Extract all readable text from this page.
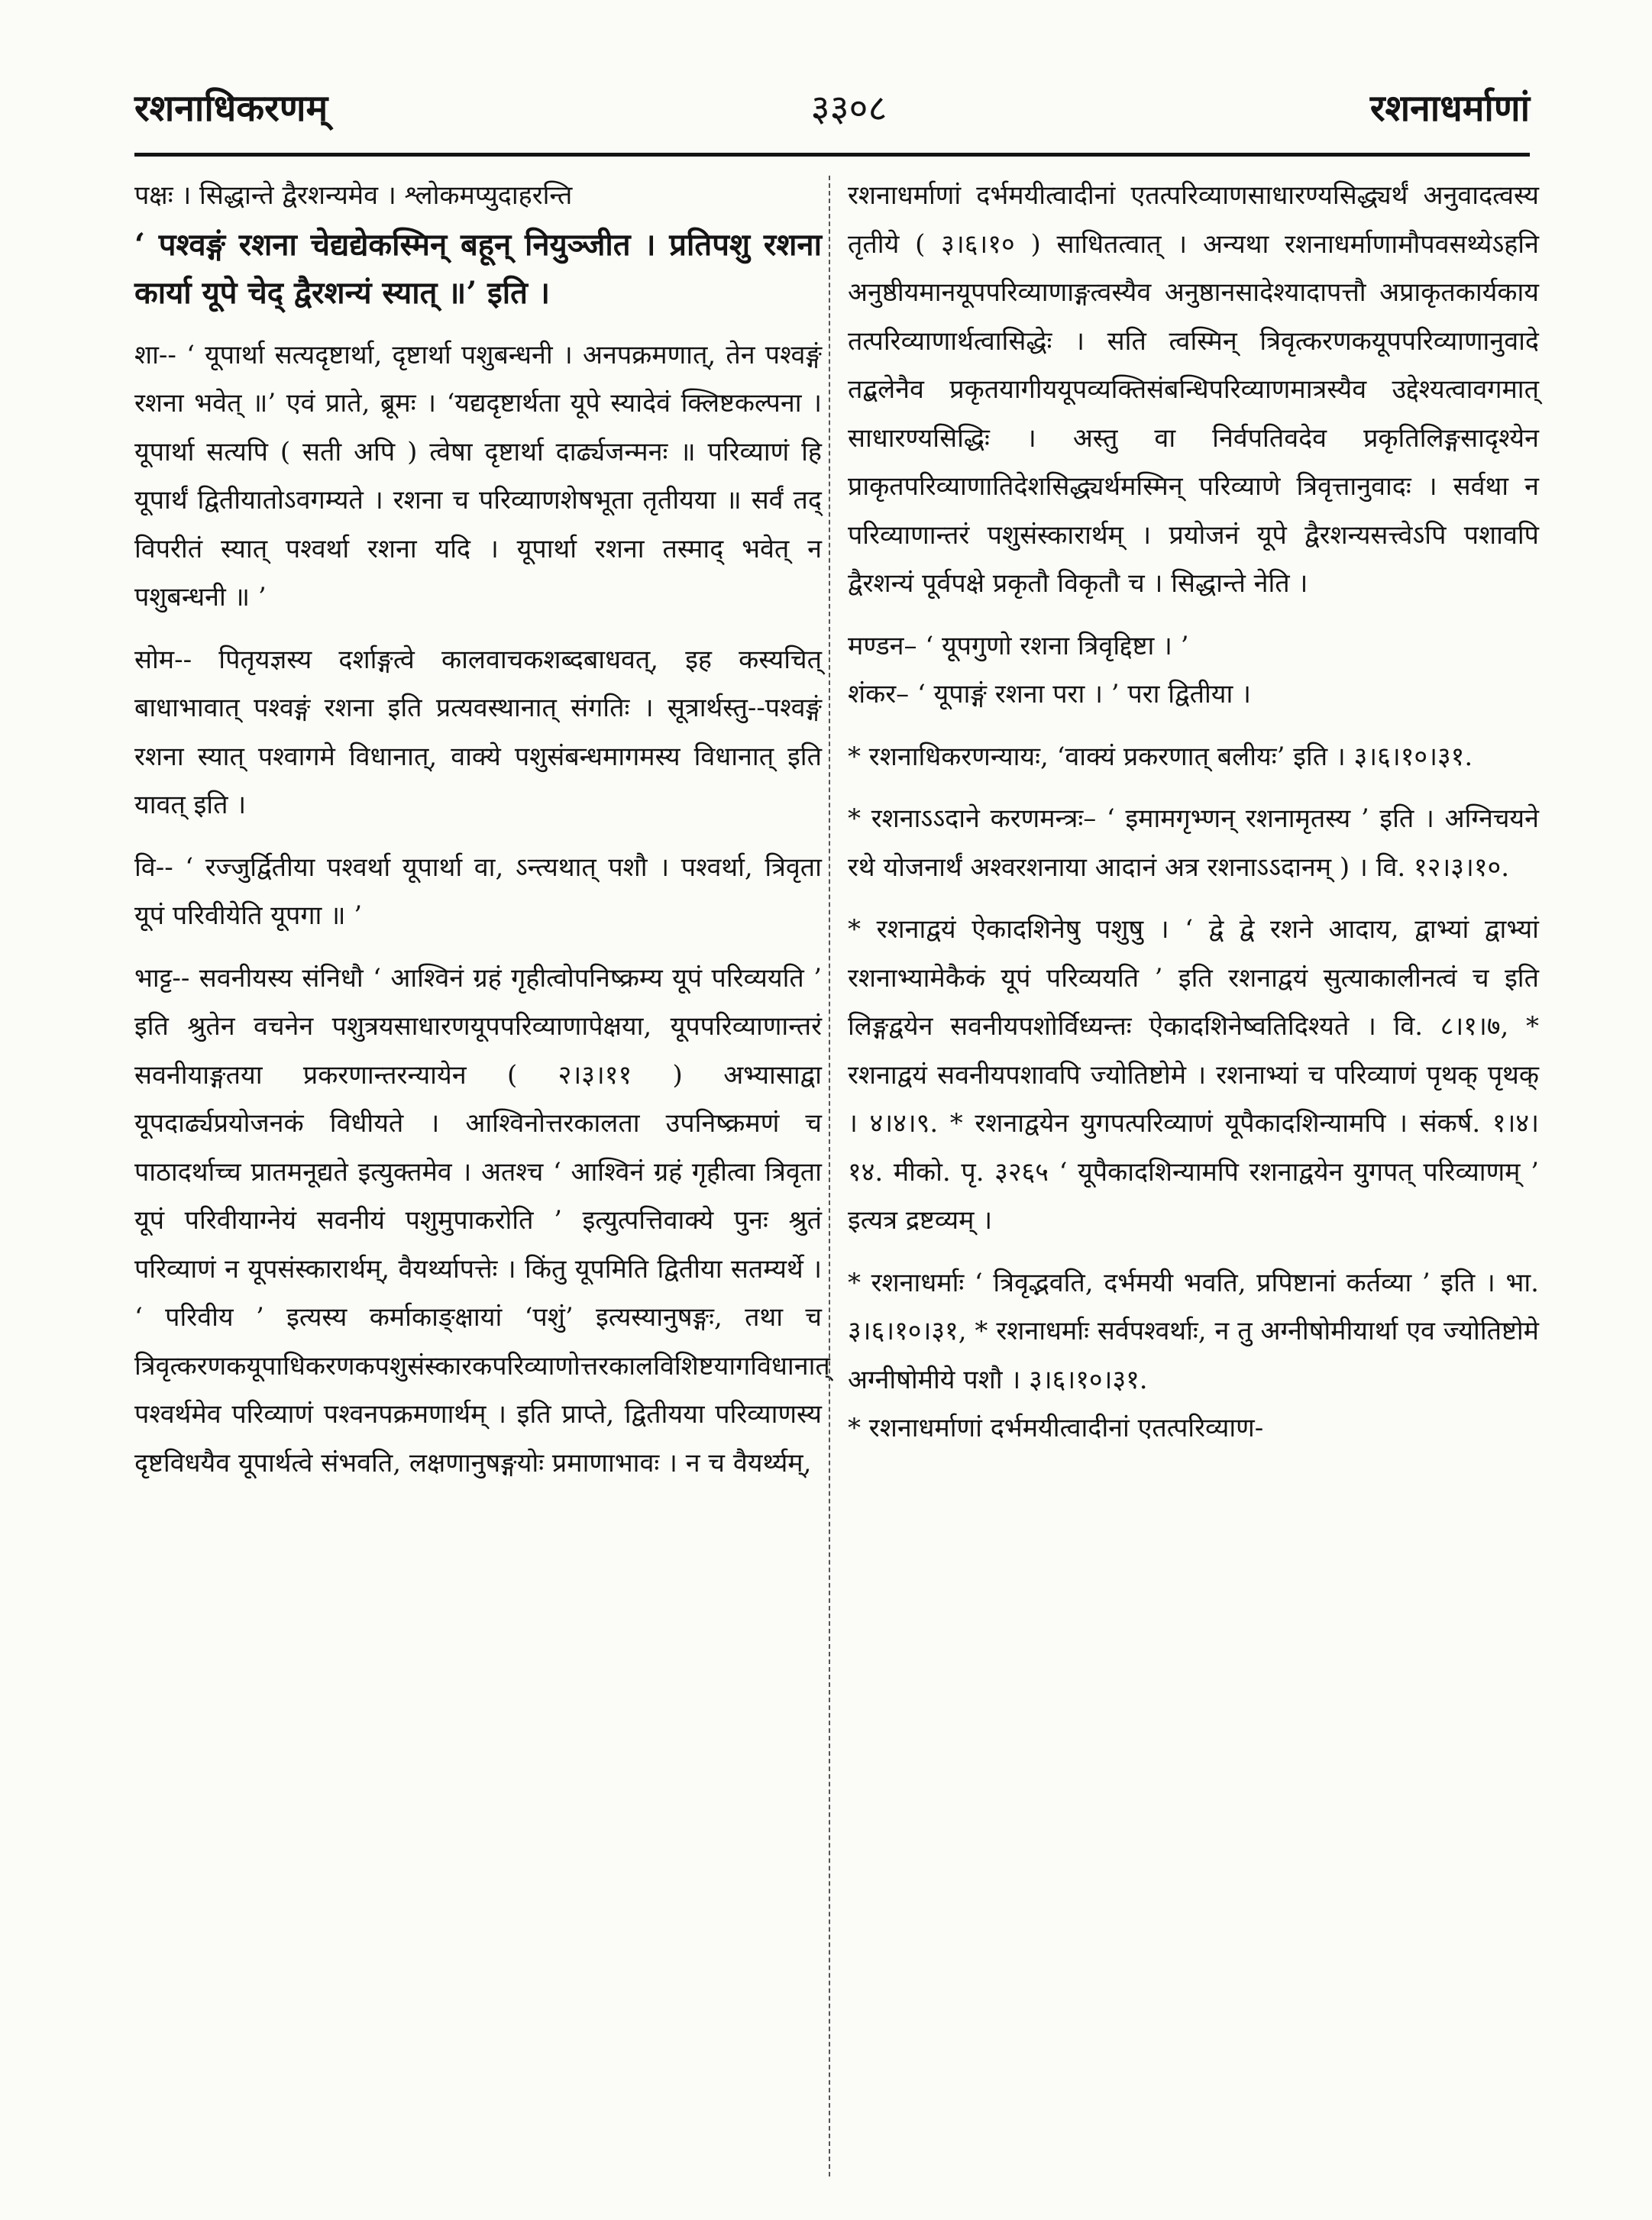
रशनाधिकरणम्	३३०८	रशनाधर्माणां

पक्षः । सिद्धान्ते द्वैरशन्यमेव । श्लोकमप्युदाहरन्ति

‘ पश्वङ्गं रशना चेद्यद्येकस्मिन् बहून् नियुञ्जीत । प्रतिपशु रशना कार्या यूपे चेद् द्वैरशन्यं स्यात् ॥’ इति ।

शा-- ‘ यूपार्था सत्यदृष्टार्था, दृष्टार्था पशुबन्धनी । अनपक्रमणात्, तेन पश्वङ्गं रशना भवेत् ॥’ एवं प्राते, ब्रूमः । ‘यद्यदृष्टार्थता यूपे स्यादेवं क्लिष्टकल्पना । यूपार्था सत्यपि ( सती अपि ) त्वेषा दृष्टार्था दार्ढ्यजन्मनः ॥ परिव्याणं हि यूपार्थं द्वितीयातोऽवगम्यते । रशना च परिव्याणशेषभूता तृतीयया ॥ सर्वं तद् विपरीतं स्यात् पश्वर्था रशना यदि । यूपार्था रशना तस्माद् भवेत् न पशुबन्धनी ॥ ’

सोम-- पितृयज्ञस्य दर्शाङ्गत्वे कालवाचकशब्दबाधवत्, इह कस्यचित् बाधाभावात् पश्वङ्गं रशना इति प्रत्यवस्थानात् संगतिः । सूत्रार्थस्तु--पश्वङ्गं रशना स्यात् पश्वागमे विधानात्, वाक्ये पशुसंबन्धमागमस्य विधानात् इति यावत् इति ।

वि-- ‘ रज्जुर्द्वितीया पश्वर्था यूपार्था वा, ऽन्त्यथात् पशौ । पश्वर्था, त्रिवृता यूपं परिवीयेति यूपगा ॥ ’

भाट्ट-- सवनीयस्य संनिधौ ‘ आश्विनं ग्रहं गृहीत्वोपनिष्क्रम्य यूपं परिव्ययति ’ इति श्रुतेन वचनेन पशुत्रयसाधारणयूपपरिव्याणापेक्षया, यूपपरिव्याणान्तरं सवनीयाङ्गतया प्रकरणान्तरन्यायेन ( २।३।११ ) अभ्यासाद्वा यूपदार्ढ्यप्रयोजनकं विधीयते । आश्विनोत्तरकालता उपनिष्क्रमणं च पाठादर्थाच्च प्रातमनूद्यते इत्युक्तमेव । अतश्च ‘ आश्विनं ग्रहं गृहीत्वा त्रिवृता यूपं परिवीयाग्नेयं सवनीयं पशुमुपाकरोति ’ इत्युत्पत्तिवाक्ये पुनः श्रुतं परिव्याणं न यूपसंस्कारार्थम्, वैयर्थ्यापत्तेः । किंतु यूपमिति द्वितीया सतम्यर्थे । ‘ परिवीय ’ इत्यस्य कर्माकाङ्क्षायां ‘पशुं’ इत्यस्यानुषङ्गः, तथा च त्रिवृत्करणकयूपाधिकरणकपशुसंस्कारकपरिव्याणोत्तरकालविशिष्टयागविधानात् पश्वर्थमेव परिव्याणं पश्वनपक्रमणार्थम् । इति प्राप्ते, द्वितीयया परिव्याणस्य दृष्टविधयैव यूपार्थत्वे संभवति, लक्षणानुषङ्गयोः प्रमाणाभावः । न च वैयर्थ्यम्,

रशनाधर्माणां दर्भमयीत्वादीनां एतत्परिव्याणसाधारण्यसिद्ध्यर्थं अनुवादत्वस्य तृतीये ( ३।६।१० ) साधितत्वात् । अन्यथा रशनाधर्माणामौपवसथ्येऽहनि अनुष्ठीयमानयूपपरिव्याणाङ्गत्वस्यैव अनुष्ठानसादेश्यादापत्तौ अप्राकृतकार्यकाय तत्परिव्याणार्थत्वासिद्धेः । सति त्वस्मिन् त्रिवृत्करणकयूपपरिव्याणानुवादे तद्बलेनैव प्रकृतयागीययूपव्यक्तिसंबन्धिपरिव्याणमात्रस्यैव उद्देश्यत्वावगमात् साधारण्यसिद्धिः । अस्तु वा निर्वपतिवदेव प्रकृतिलिङ्गसादृश्येन प्राकृतपरिव्याणातिदेशसिद्ध्यर्थमस्मिन् परिव्याणे त्रिवृत्तानुवादः । सर्वथा न परिव्याणान्तरं पशुसंस्कारार्थम् । प्रयोजनं यूपे द्वैरशन्यसत्त्वेऽपि पशावपि द्वैरशन्यं पूर्वपक्षे प्रकृतौ विकृतौ च । सिद्धान्ते नेति ।

मण्डन– ‘ यूपगुणो रशना त्रिवृद्दिष्टा । ’

शंकर– ‘ यूपाङ्गं रशना परा । ’ परा द्वितीया ।

* रशनाधिकरणन्यायः, ‘वाक्यं प्रकरणात् बलीयः’ इति । ३।६।१०।३१.

* रशनाऽऽदाने करणमन्त्रः– ‘ इमामगृभ्णन् रशनामृतस्य ’ इति । अग्निचयने रथे योजनार्थं अश्वरशनाया आदानं अत्र रशनाऽऽदानम् ) । वि. १२।३।१०.

* रशनाद्वयं ऐकादशिनेषु पशुषु । ‘ द्वे द्वे रशने आदाय, द्वाभ्यां द्वाभ्यां रशनाभ्यामेकैकं यूपं परिव्ययति ’ इति रशनाद्वयं सुत्याकालीनत्वं च इति लिङ्गद्वयेन सवनीयपशोर्विध्यन्तः ऐकादशिनेष्वतिदिश्यते । वि. ८।१।७, * रशनाद्वयं सवनीयपशावपि ज्योतिष्टोमे । रशनाभ्यां च परिव्याणं पृथक् पृथक् । ४।४।९. * रशनाद्वयेन युगपत्परिव्याणं यूपैकादशिन्यामपि । संकर्ष. १।४।१४. मीको. पृ. ३२६५ ‘ यूपैकादशिन्यामपि रशनाद्वयेन युगपत् परिव्याणम् ’ इत्यत्र द्रष्टव्यम् ।

* रशनाधर्माः ‘ त्रिवृद्भवति, दर्भमयी भवति, प्रपिष्टानां कर्तव्या ’ इति । भा. ३।६।१०।३१, * रशनाधर्माः सर्वपश्वर्थाः, न तु अग्नीषोमीयार्था एव ज्योतिष्टोमे अग्नीषोमीये पशौ । ३।६।१०।३१.

* रशनाधर्माणां दर्भमयीत्वादीनां एतत्परिव्याण-
